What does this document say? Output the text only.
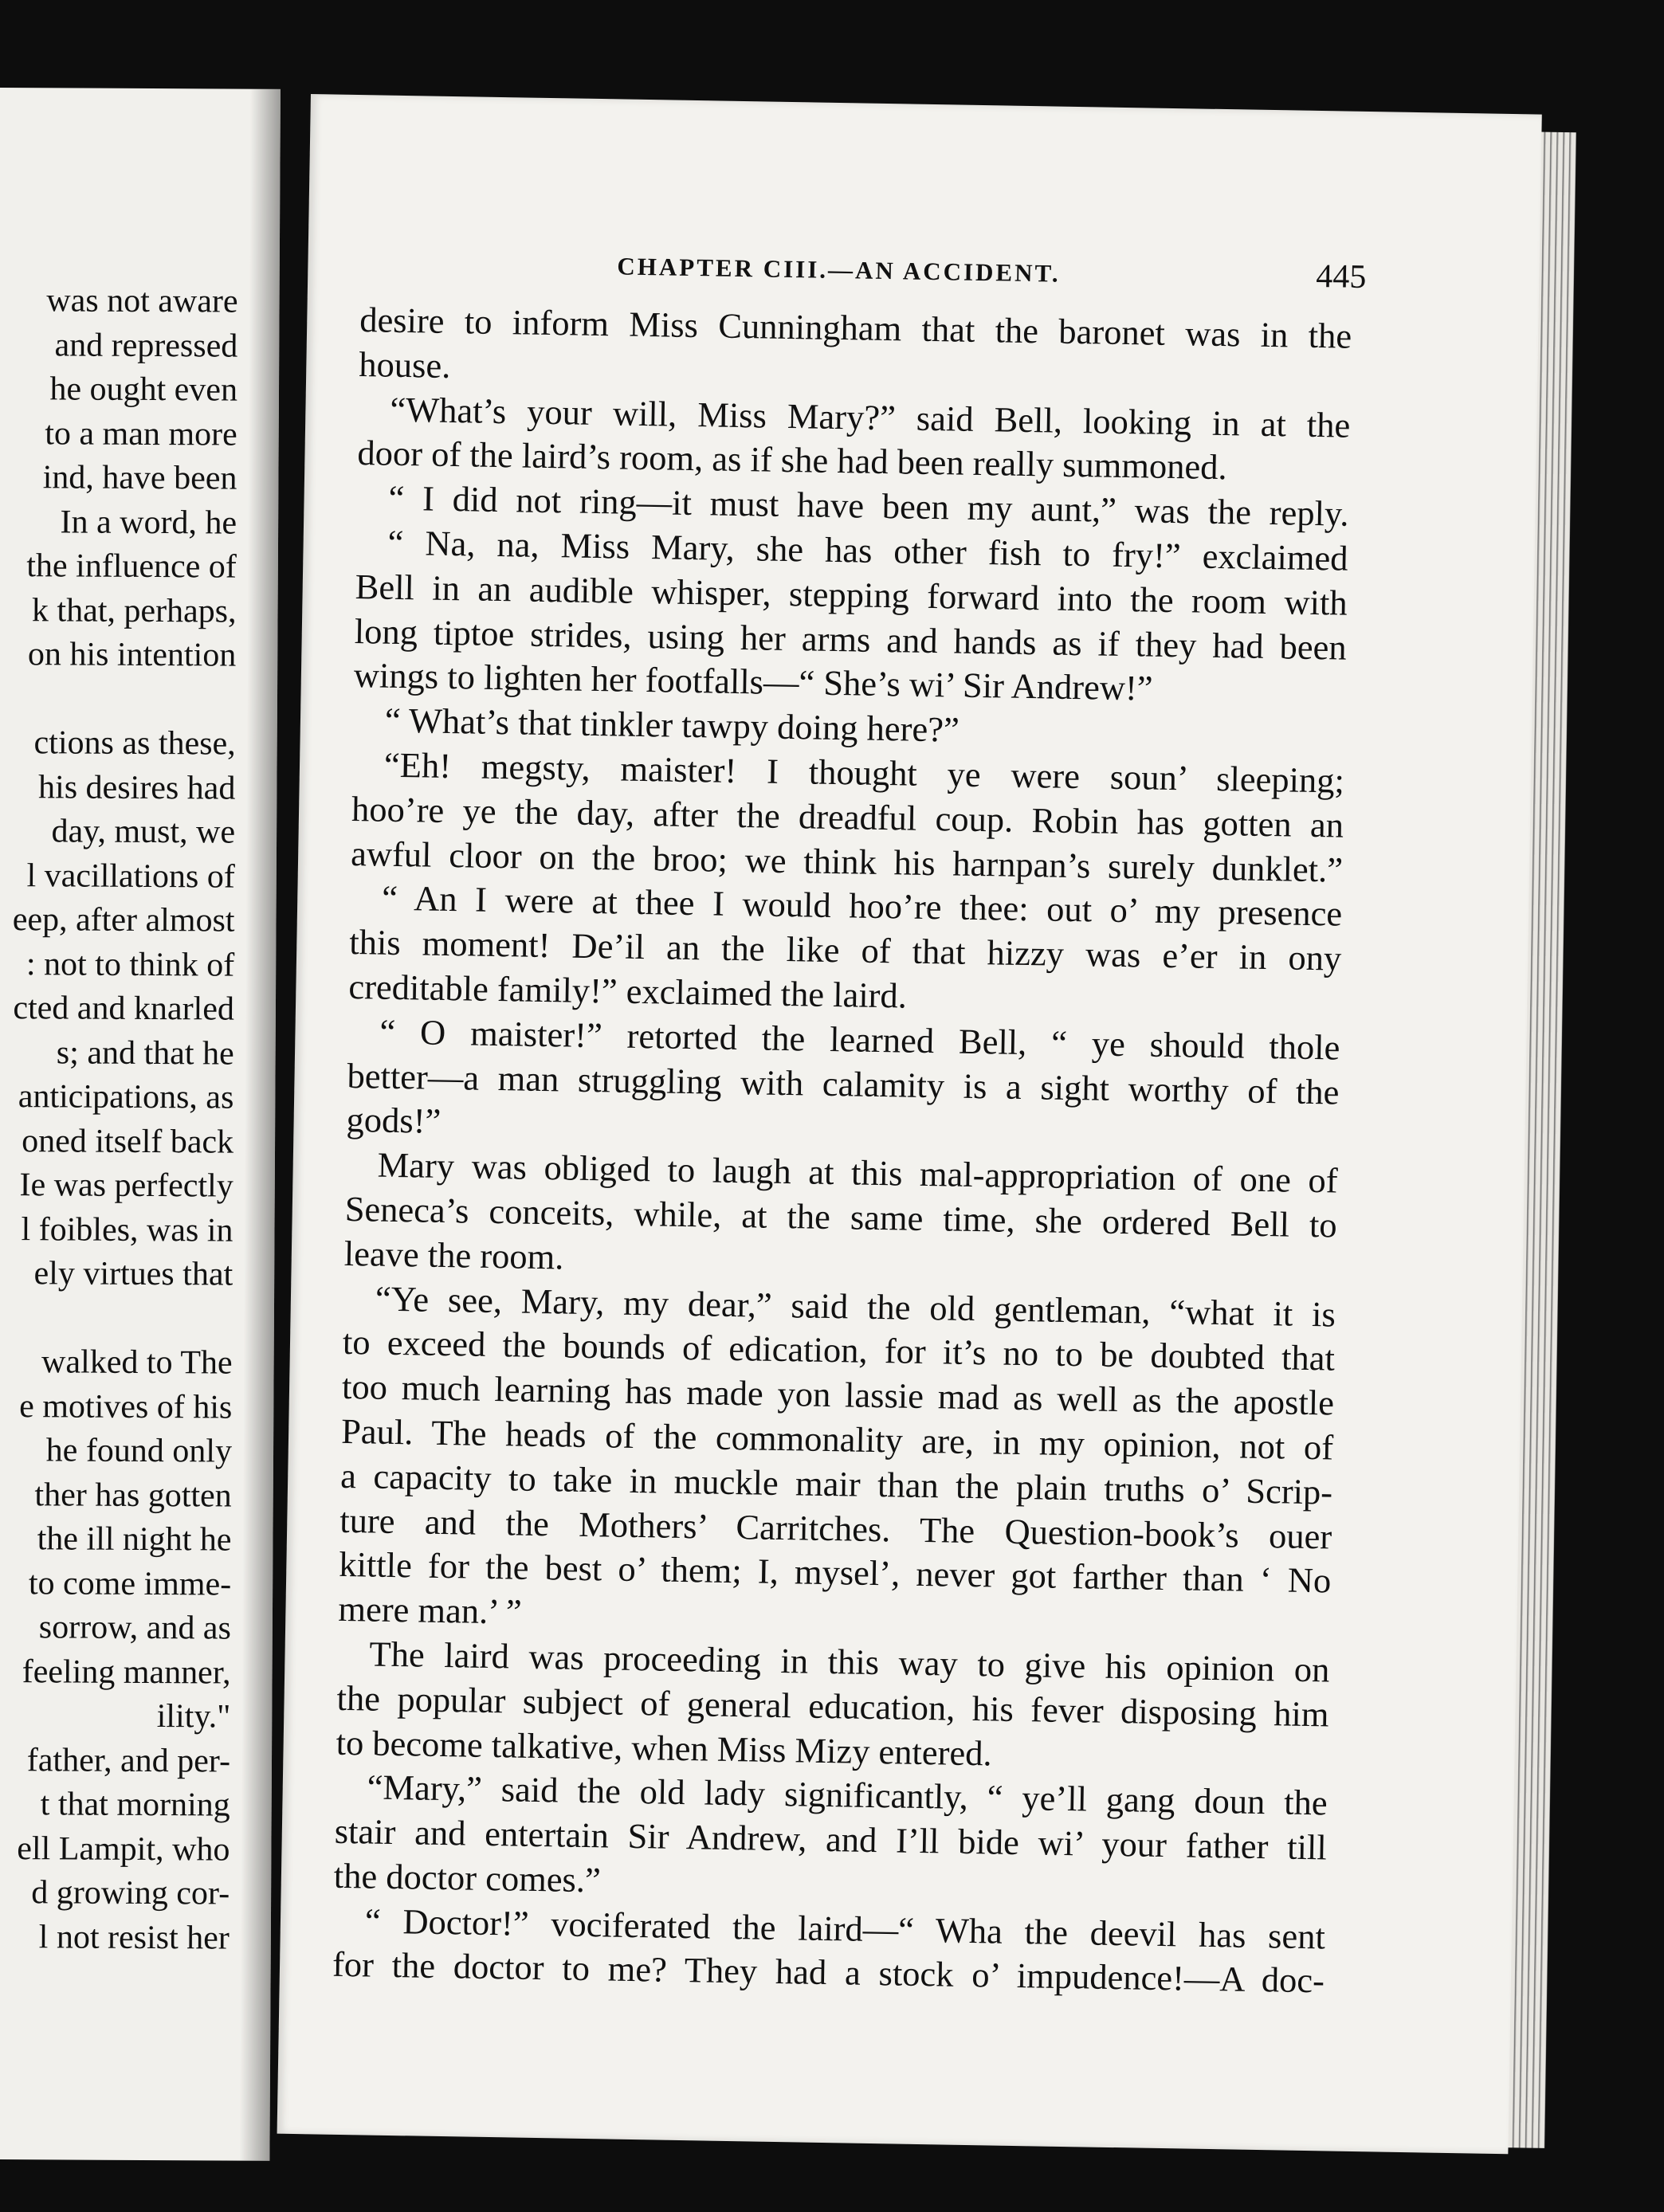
was not aware
and repressed
he ought even
to a man more
ind, have been
In a word, he
the influence of
k that, perhaps,
on his intention
ctions as these,
his desires had
day, must, we
l vacillations of
eep, after almost
: not to think of
cted and knarled
s; and that he
anticipations, as
oned itself back
Ie was perfectly
l foibles, was in
ely virtues that
walked to The
e motives of his
he found only
ther has gotten
the ill night he
to come imme-
sorrow, and as
feeling manner,
ility."
father, and per-
t that morning
ell Lampit, who
d growing cor-
l not resist her
CHAPTER CIII.—AN ACCIDENT.	445
desire to inform Miss Cunningham that the baronet was in the
house.
“What’s your will, Miss Mary?” said Bell, looking in at the
door of the laird’s room, as if she had been really summoned.
“ I did not ring—it must have been my aunt,” was the reply.
“ Na, na, Miss Mary, she has other fish to fry!” exclaimed
Bell in an audible whisper, stepping forward into the room with
long tiptoe strides, using her arms and hands as if they had been
wings to lighten her footfalls—“ She’s wi’ Sir Andrew!”
“ What’s that tinkler tawpy doing here?”
“Eh! megsty, maister! I thought ye were soun’ sleeping;
hoo’re ye the day, after the dreadful coup. Robin has gotten an
awful cloor on the broo; we think his harnpan’s surely dunklet.”
“ An I were at thee I would hoo’re thee: out o’ my presence
this moment! De’il an the like of that hizzy was e’er in ony
creditable family!” exclaimed the laird.
“ O maister!” retorted the learned Bell, “ ye should thole
better—a man struggling with calamity is a sight worthy of the
gods!”
Mary was obliged to laugh at this mal-appropriation of one of
Seneca’s conceits, while, at the same time, she ordered Bell to
leave the room.
“Ye see, Mary, my dear,” said the old gentleman, “what it is
to exceed the bounds of edication, for it’s no to be doubted that
too much learning has made yon lassie mad as well as the apostle
Paul. The heads of the commonality are, in my opinion, not of
a capacity to take in muckle mair than the plain truths o’ Scrip-
ture and the Mothers’ Carritches. The Question-book’s ouer
kittle for the best o’ them; I, mysel’, never got farther than ‘ No
mere man.’ ”
The laird was proceeding in this way to give his opinion on
the popular subject of general education, his fever disposing him
to become talkative, when Miss Mizy entered.
“Mary,” said the old lady significantly, “ ye’ll gang doun the
stair and entertain Sir Andrew, and I’ll bide wi’ your father till
the doctor comes.”
“ Doctor!” vociferated the laird—“ Wha the deevil has sent
for the doctor to me? They had a stock o’ impudence!—A doc-
